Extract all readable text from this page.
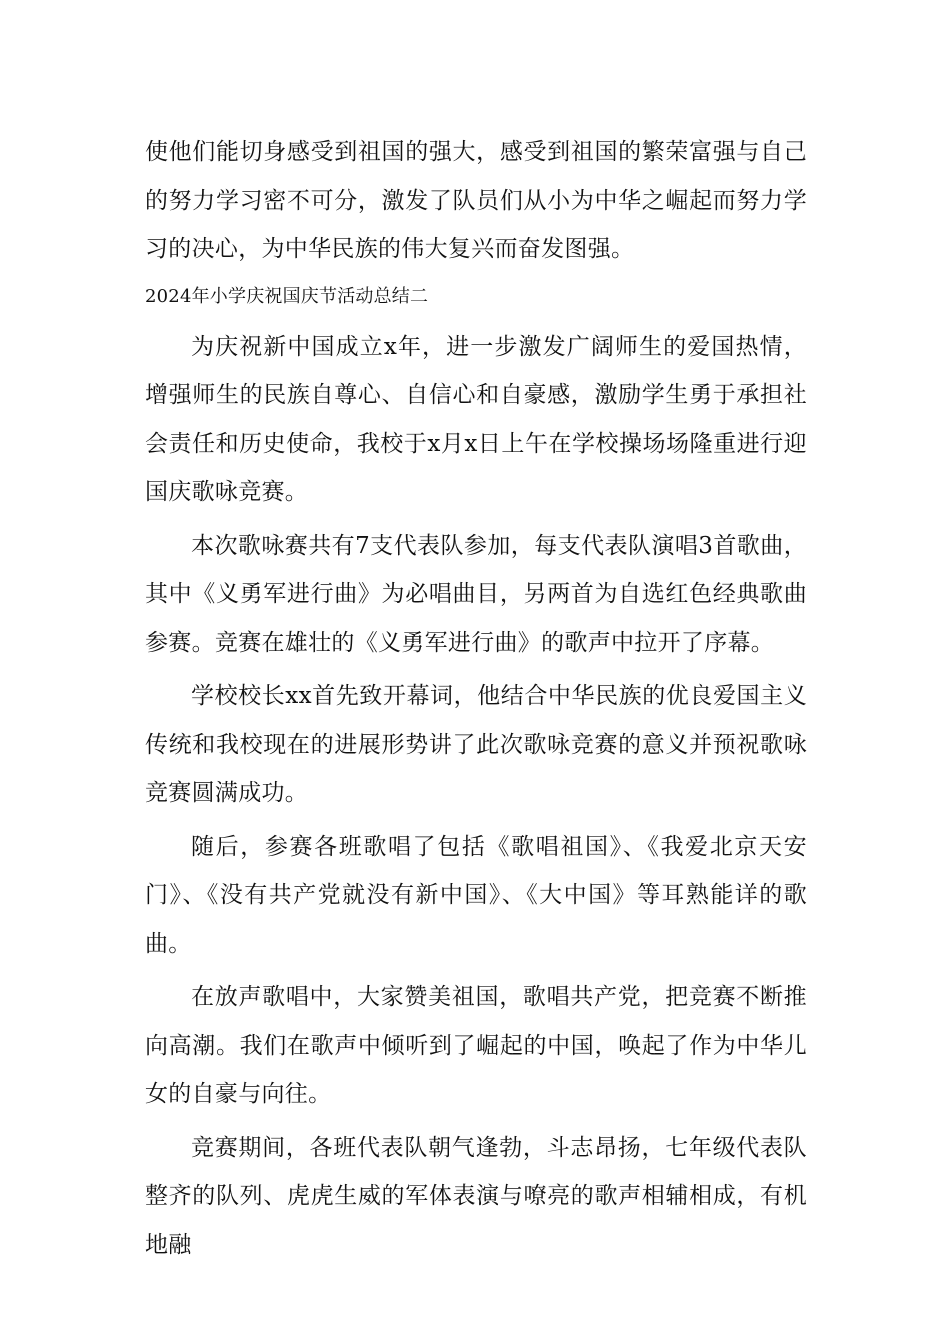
使他们能切身感受到祖国的强大，感受到祖国的繁荣富强与自己的努力学习密不可分，激发了队员们从小为中华之崛起而努力学习的决心，为中华民族的伟大复兴而奋发图强。

2024年小学庆祝国庆节活动总结二

为庆祝新中国成立x年，进一步激发广阔师生的爱国热情，增强师生的民族自尊心、自信心和自豪感，激励学生勇于承担社会责任和历史使命，我校于x月x日上午在学校操场场隆重进行迎国庆歌咏竞赛。

本次歌咏赛共有7支代表队参加，每支代表队演唱3首歌曲，其中《义勇军进行曲》为必唱曲目，另两首为自选红色经典歌曲参赛。竞赛在雄壮的《义勇军进行曲》的歌声中拉开了序幕。

学校校长xx首先致开幕词，他结合中华民族的优良爱国主义传统和我校现在的进展形势讲了此次歌咏竞赛的意义并预祝歌咏竞赛圆满成功。

随后，参赛各班歌唱了包括《歌唱祖国》、《我爱北京天安门》、《没有共产党就没有新中国》、《大中国》等耳熟能详的歌曲。

在放声歌唱中，大家赞美祖国，歌唱共产党，把竞赛不断推向高潮。我们在歌声中倾听到了崛起的中国，唤起了作为中华儿女的自豪与向往。

竞赛期间，各班代表队朝气逢勃，斗志昂扬，七年级代表队整齐的队列、虎虎生威的军体表演与嘹亮的歌声相辅相成，有机地融
